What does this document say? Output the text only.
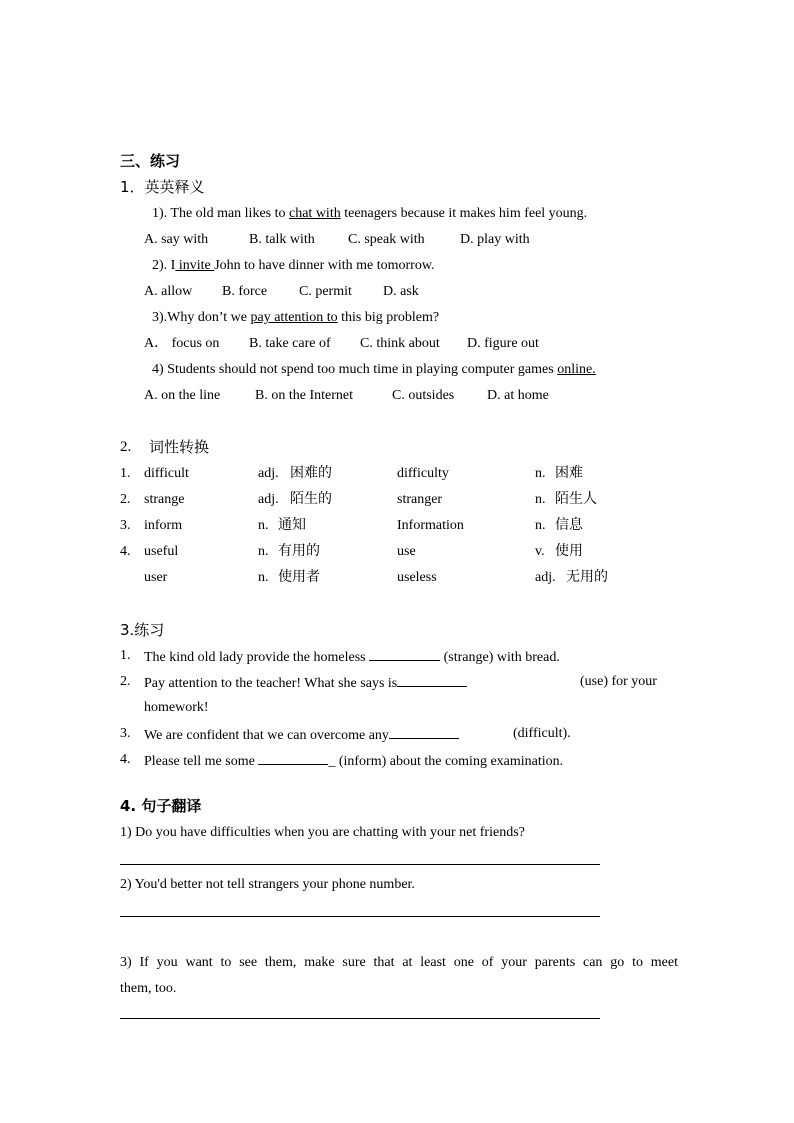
三、练习
1．英英释义
1). The old man likes to chat with teenagers because it makes him feel young.
A. say with	B. talk with C. speak with	D. play with
2). I invite John to have dinner with me tomorrow.
A. allow B. force C. permit D. ask
3).Why don’t we pay attention to this big problem?
A． focus on B. take care of C. think about D. figure out
4) Students should not spend too much time in playing computer games online.
A. on the line B. on the Internet	C. outsides D. at home
2. 词性转换
1. difficult	adj. 困难的	difficulty	n. 困难
2. strange	adj. 陌生的	stranger	n. 陌生人
3. inform	n. 通知	Information	n. 信息
4. useful	n. 有用的	use	v. 使用
user	n. 使用者	useless	adj. 无用的
3.练习
1. The kind old lady provide the homeless	(strange) with bread.
2. Pay attention to the teacher! What she says is	(use) for your
homework!
3. We are confident that we can overcome any	(difficult).
4. Please tell me some	_ (inform) about the coming examination.
4. 句子翻译
1) Do you have difficulties when you are chatting with your net friends?
2) You'd better not tell strangers your phone number.
3) If you want to see them, make sure that at least one of your parents can go to meet
them, too.
